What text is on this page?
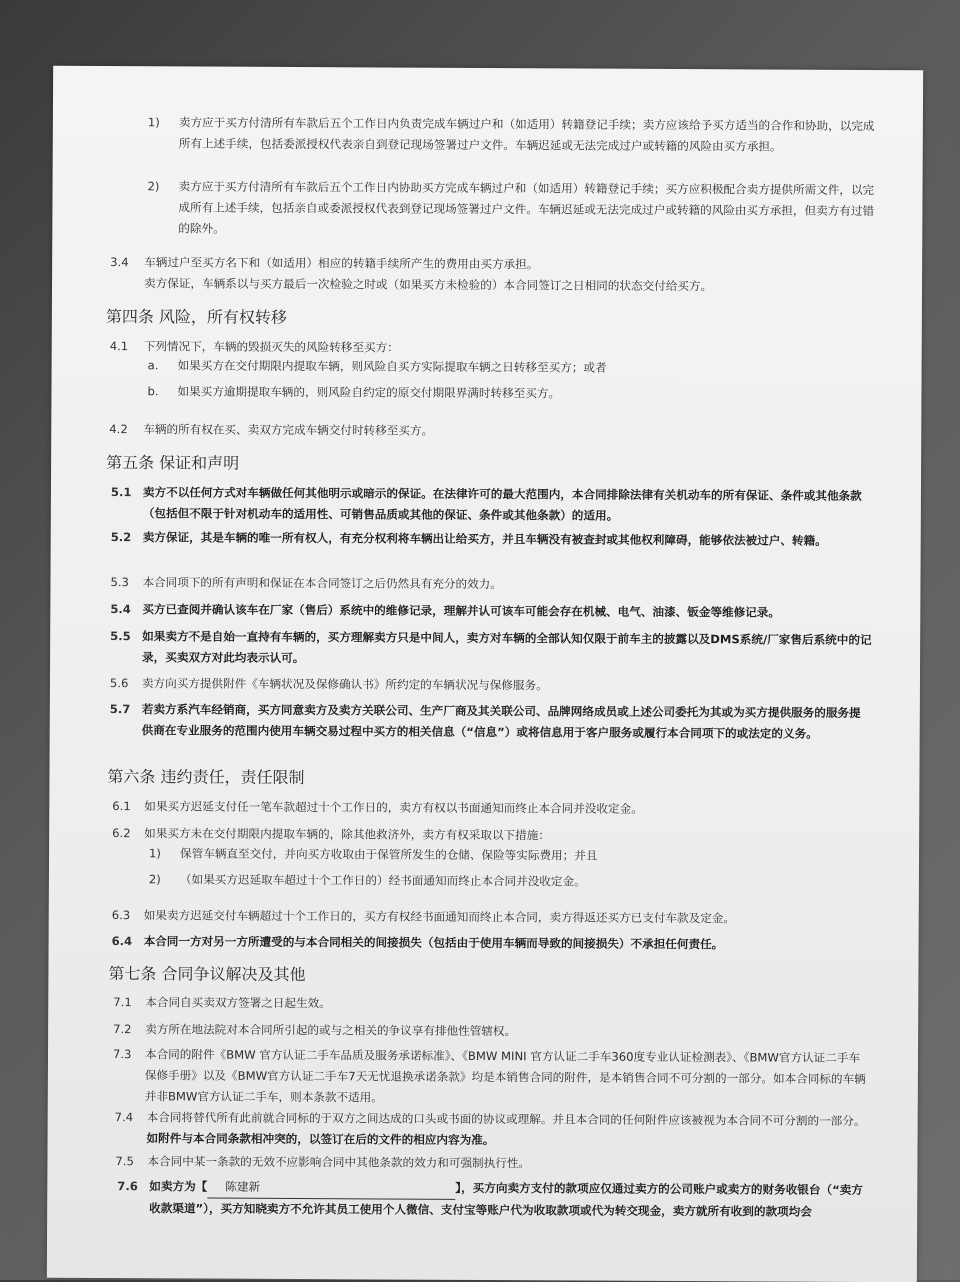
1) 卖方应于买方付清所有车款后五个工作日内负责完成车辆过户和（如适用）转籍登记手续；卖方应该给予买方适当的合作和协助，以完成所有上述手续，包括委派授权代表亲自到登记现场签署过户文件。车辆迟延或无法完成过户或转籍的风险由买方承担。
2) 卖方应于买方付清所有车款后五个工作日内协助买方完成车辆过户和（如适用）转籍登记手续；买方应积极配合卖方提供所需文件，以完成所有上述手续，包括亲自或委派授权代表到登记现场签署过户文件。车辆迟延或无法完成过户或转籍的风险由买方承担，但卖方有过错的除外。
3.4 车辆过户至买方名下和（如适用）相应的转籍手续所产生的费用由买方承担。
卖方保证，车辆系以与买方最后一次检验之时或（如果买方未检验的）本合同签订之日相同的状态交付给买方。
第四条 风险，所有权转移
4.1 下列情况下，车辆的毁损灭失的风险转移至买方：
a. 如果买方在交付期限内提取车辆，则风险自买方实际提取车辆之日转移至买方；或者
b. 如果买方逾期提取车辆的，则风险自约定的原交付期限界满时转移至买方。
4.2 车辆的所有权在买、卖双方完成车辆交付时转移至买方。
第五条 保证和声明
5.1 卖方不以任何方式对车辆做任何其他明示或暗示的保证。在法律许可的最大范围内，本合同排除法律有关机动车的所有保证、条件或其他条款（包括但不限于针对机动车的适用性、可销售品质或其他的保证、条件或其他条款）的适用。
5.2 卖方保证，其是车辆的唯一所有权人，有充分权利将车辆出让给买方，并且车辆没有被查封或其他权利障碍，能够依法被过户、转籍。
5.3 本合同项下的所有声明和保证在本合同签订之后仍然具有充分的效力。
5.4 买方已查阅并确认该车在厂家（售后）系统中的维修记录，理解并认可该车可能会存在机械、电气、油漆、钣金等维修记录。
5.5 如果卖方不是自始一直持有车辆的，买方理解卖方只是中间人，卖方对车辆的全部认知仅限于前车主的披露以及DMS系统/厂家售后系统中的记录，买卖双方对此均表示认可。
5.6 卖方向买方提供附件《车辆状况及保修确认书》所约定的车辆状况与保修服务。
5.7 若卖方系汽车经销商，买方同意卖方及卖方关联公司、生产厂商及其关联公司、品牌网络成员或上述公司委托为其或为买方提供服务的服务提供商在专业服务的范围内使用车辆交易过程中买方的相关信息（“信息”）或将信息用于客户服务或履行本合同项下的或法定的义务。
第六条 违约责任，责任限制
6.1 如果买方迟延支付任一笔车款超过十个工作日的，卖方有权以书面通知而终止本合同并没收定金。
6.2 如果买方未在交付期限内提取车辆的，除其他救济外，卖方有权采取以下措施：
1) 保管车辆直至交付，并向买方收取由于保管所发生的仓储、保险等实际费用；并且
2) （如果买方迟延取车超过十个工作日的）经书面通知而终止本合同并没收定金。
6.3 如果卖方迟延交付车辆超过十个工作日的，买方有权经书面通知而终止本合同，卖方得返还买方已支付车款及定金。
6.4 本合同一方对另一方所遭受的与本合同相关的间接损失（包括由于使用车辆而导致的间接损失）不承担任何责任。
第七条 合同争议解决及其他
7.1 本合同自买卖双方签署之日起生效。
7.2 卖方所在地法院对本合同所引起的或与之相关的争议享有排他性管辖权。
7.3 本合同的附件《BMW 官方认证二手车品质及服务承诺标准》、《BMW MINI 官方认证二手车360度专业认证检测表》、《BMW官方认证二手车保修手册》以及《BMW官方认证二手车7天无忧退换承诺条款》均是本销售合同的附件，是本销售合同不可分割的一部分。如本合同标的车辆并非BMW官方认证二手车，则本条款不适用。
7.4 本合同将替代所有此前就合同标的于双方之间达成的口头或书面的协议或理解。并且本合同的任何附件应该被视为本合同不可分割的一部分。如附件与本合同条款相冲突的，以签订在后的文件的相应内容为准。
7.5 本合同中某一条款的无效不应影响合同中其他条款的效力和可强制执行性。
7.6 如卖方为【 陈建新	】，买方向卖方支付的款项应仅通过卖方的公司账户或卖方的财务收银台（“卖方收款渠道”），买方知晓卖方不允许其员工使用个人微信、支付宝等账户代为收取款项或代为转交现金，卖方就所有收到的款项均会
